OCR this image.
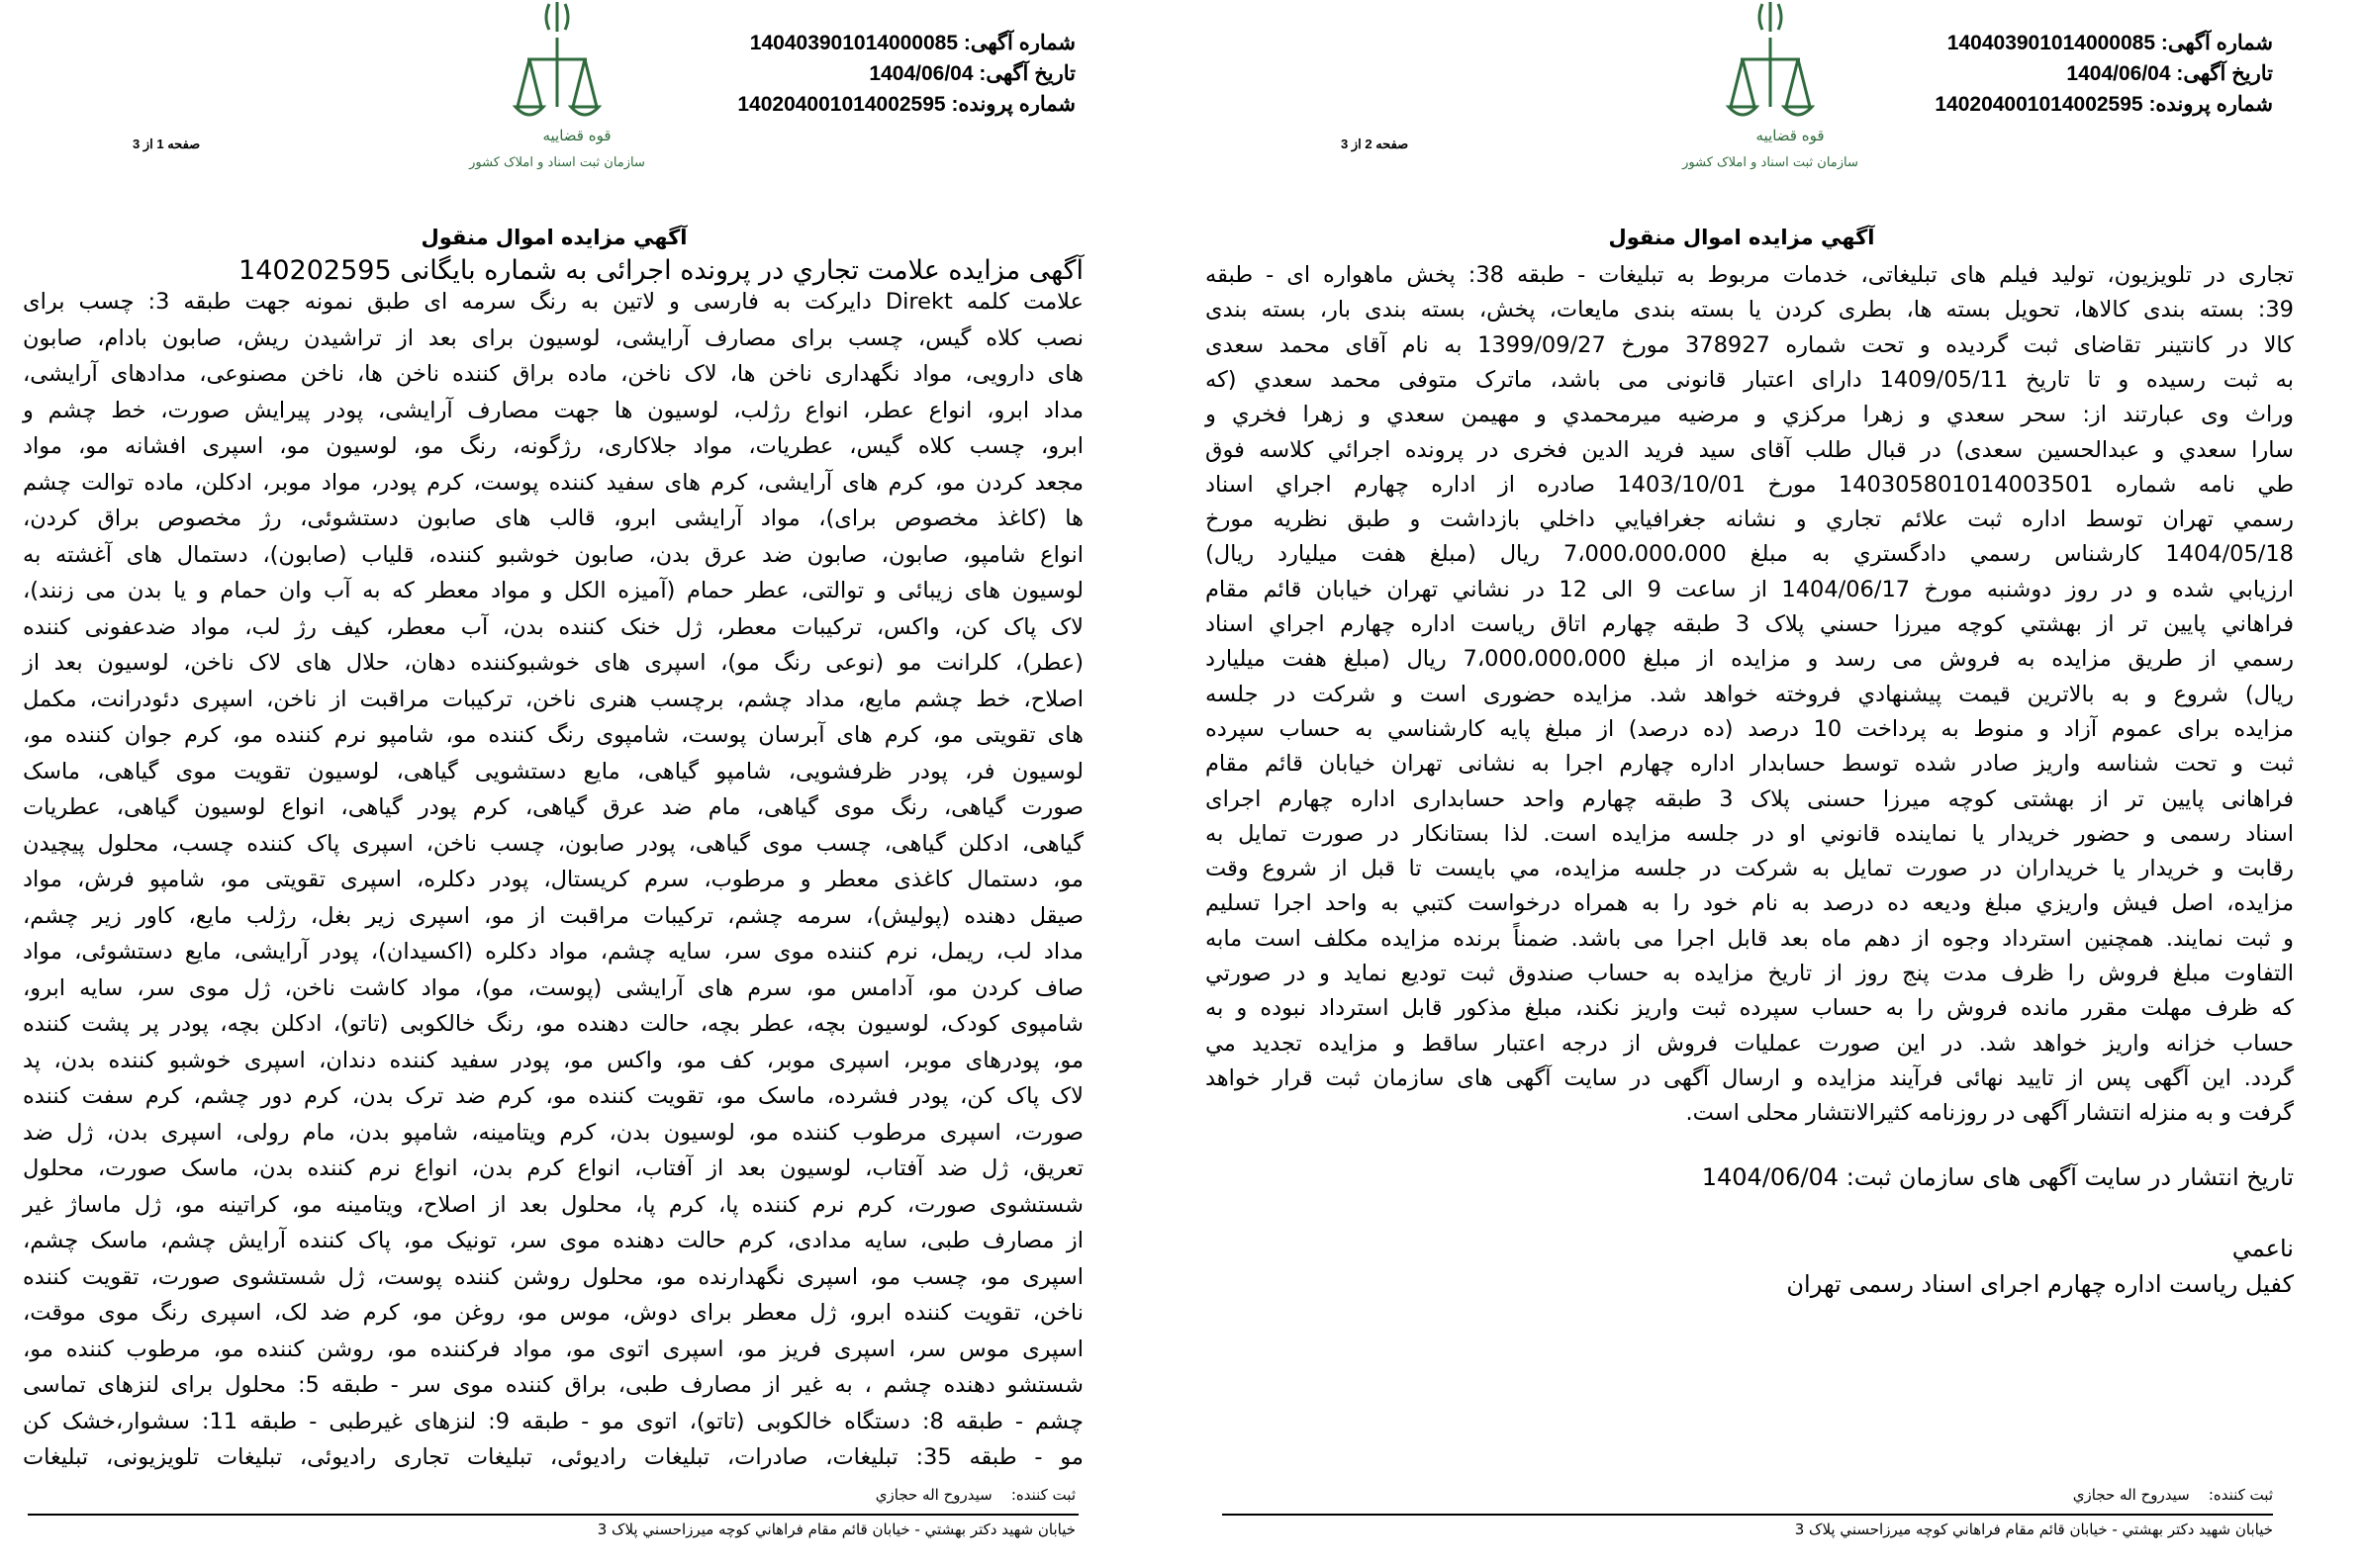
قوه قضاییه
سازمان ثبت اسناد و املاک کشور
شماره آگهی: 140403901014000085
تاریخ آگهی: 1404/06/04
شماره پرونده: 140204001014002595
صفحه 1 از 3
آگهي مزايده اموال منقول
آگهی مزایده علامت تجاري در پرونده اجرائی به شماره بایگانی 140202595
علامت کلمه Direkt دایرکت به فارسی و لاتین به رنگ سرمه ای طبق نمونه جهت طبقه 3: چسب برای
نصب کلاه گیس، چسب برای مصارف آرایشی، لوسیون برای بعد از تراشیدن ریش، صابون بادام، صابون
های دارویی، مواد نگهداری ناخن ها، لاک ناخن، ماده براق کننده ناخن ها، ناخن مصنوعی، مدادهای آرایشی،
مداد ابرو، انواع عطر، انواع رژلب، لوسیون ها جهت مصارف آرایشی، پودر پیرایش صورت، خط چشم و
ابرو، چسب کلاه گیس، عطریات، مواد جلاکاری، رژگونه، رنگ مو، لوسیون مو، اسپری افشانه مو، مواد
مجعد کردن مو، کرم های آرایشی، کرم های سفید کننده پوست، کرم پودر، مواد موبر، ادکلن، ماده توالت چشم
ها (کاغذ مخصوص برای)، مواد آرایشی ابرو، قالب های صابون دستشوئی، رژ مخصوص براق کردن،
انواع شامپو، صابون، صابون ضد عرق بدن، صابون خوشبو کننده، قلیاب (صابون)، دستمال های آغشته به
لوسیون های زیبائی و توالتی، عطر حمام (آمیزه الکل و مواد معطر که به آب وان حمام و یا بدن می زنند)،
لاک پاک کن، واکس، ترکیبات معطر، ژل خنک کننده بدن، آب معطر، کیف رژ لب، مواد ضدعفونی کننده
(عطر)، کلرانت مو (نوعی رنگ مو)، اسپری های خوشبوکننده دهان، حلال های لاک ناخن، لوسیون بعد از
اصلاح، خط چشم مایع، مداد چشم، برچسب هنری ناخن، ترکیبات مراقبت از ناخن، اسپری دئودرانت، مکمل
های تقویتی مو، کرم های آبرسان پوست، شامپوی رنگ کننده مو، شامپو نرم کننده مو، کرم جوان کننده مو،
لوسیون فر، پودر ظرفشویی، شامپو گیاهی، مایع دستشویی گیاهی، لوسیون تقویت موی گیاهی، ماسک
صورت گیاهی، رنگ موی گیاهی، مام ضد عرق گیاهی، کرم پودر گیاهی، انواع لوسیون گیاهی، عطریات
گیاهی، ادکلن گیاهی، چسب موی گیاهی، پودر صابون، چسب ناخن، اسپری پاک کننده چسب، محلول پیچیدن
مو، دستمال کاغذی معطر و مرطوب، سرم کریستال، پودر دکلره، اسپری تقویتی مو، شامپو فرش، مواد
صیقل دهنده (پولیش)، سرمه چشم، ترکیبات مراقبت از مو، اسپری زیر بغل، رژلب مایع، کاور زیر چشم،
مداد لب، ریمل، نرم کننده موی سر، سایه چشم، مواد دکلره (اکسیدان)، پودر آرایشی، مایع دستشوئی، مواد
صاف کردن مو، آدامس مو، سرم های آرایشی (پوست، مو)، مواد کاشت ناخن، ژل موی سر، سایه ابرو،
شامپوی کودک، لوسیون بچه، عطر بچه، حالت دهنده مو، رنگ خالکوبی (تاتو)، ادکلن بچه، پودر پر پشت کننده
مو، پودرهای موبر، اسپری موبر، کف مو، واکس مو، پودر سفید کننده دندان، اسپری خوشبو کننده بدن، پد
لاک پاک کن، پودر فشرده، ماسک مو، تقویت کننده مو، کرم ضد ترک بدن، کرم دور چشم، کرم سفت کننده
صورت، اسپری مرطوب کننده مو، لوسیون بدن، کرم ویتامینه، شامپو بدن، مام رولی، اسپری بدن، ژل ضد
تعریق، ژل ضد آفتاب، لوسیون بعد از آفتاب، انواع کرم بدن، انواع نرم کننده بدن، ماسک صورت، محلول
شستشوی صورت، کرم نرم کننده پا، کرم پا، محلول بعد از اصلاح، ویتامینه مو، کراتینه مو، ژل ماساژ غیر
از مصارف طبی، سایه مدادی، کرم حالت دهنده موی سر، تونیک مو، پاک کننده آرایش چشم، ماسک چشم،
اسپری مو، چسب مو، اسپری نگهدارنده مو، محلول روشن کننده پوست، ژل شستشوی صورت، تقویت کننده
ناخن، تقویت کننده ابرو، ژل معطر برای دوش، موس مو، روغن مو، کرم ضد لک، اسپری رنگ موی موقت،
اسپری موس سر، اسپری فریز مو، اسپری اتوی مو، مواد فرکننده مو، روشن کننده مو، مرطوب کننده مو،
شستشو دهنده چشم ، به غیر از مصارف طبی، براق کننده موی سر - طبقه 5: محلول برای لنزهای تماسی
چشم - طبقه 8: دستگاه خالکوبی (تاتو)، اتوی مو - طبقه 9: لنزهای غیرطبی - طبقه 11: سشوار،خشک کن
مو - طبقه 35: تبلیغات، صادرات، تبلیغات رادیوئی، تبلیغات تجاری رادیوئی، تبلیغات تلویزیونی، تبلیغات
ثبت کننده:    سیدروح اله حجازي
خيابان شهيد دکتر بهشتي - خيابان قائم مقام فراهاني کوچه ميرزاحسني پلاک 3
قوه قضاییه
سازمان ثبت اسناد و املاک کشور
شماره آگهی: 140403901014000085
تاریخ آگهی: 1404/06/04
شماره پرونده: 140204001014002595
صفحه 2 از 3
آگهي مزايده اموال منقول
تجاری در تلویزیون، تولید فیلم های تبلیغاتی، خدمات مربوط به تبلیغات - طبقه 38: پخش ماهواره ای - طبقه
39: بسته بندی کالاها، تحویل بسته ها، بطری کردن یا بسته بندی مایعات، پخش، بسته بندی بار، بسته بندی
کالا در کانتینر تقاضای ثبت گردیده و تحت شماره 378927 مورخ 1399/09/27 به نام آقای محمد سعدی
به ثبت رسیده و تا تاریخ 1409/05/11 دارای اعتبار قانونی می باشد، ماترک متوفی محمد سعدي (که
وراث وی عبارتند از: سحر سعدي و زهرا مرکزي و مرضيه ميرمحمدي و مهيمن سعدي و زهرا فخري و
سارا سعدي و عبدالحسين سعدی) در قبال طلب آقای سید فرید الدین فخری در پرونده اجرائي كلاسه فوق
طي نامه شماره 140305801014003501 مورخ 1403/10/01 صادره از اداره چهارم اجراي اسناد
رسمي تهران توسط اداره ثبت علائم تجاري و نشانه جغرافيايي داخلي بازداشت و طبق نظريه مورخ
1404/05/18 کارشناس رسمي دادگستري به مبلغ 7،000،000،000 ريال (مبلغ هفت ميليارد ريال)
ارزيابي شده و در روز دوشنبه مورخ 1404/06/17 از ساعت 9 الی 12 در نشاني تهران خيابان قائم مقام
فراهاني پايين تر از بهشتي كوچه ميرزا حسني پلاک 3 طبقه چهارم اتاق رياست اداره چهارم اجراي اسناد
رسمي از طريق مزايده به فروش می رسد و مزايده از مبلغ 7،000،000،000 ريال (مبلغ هفت ميليارد
ريال) شروع و به بالاترين قيمت پيشنهادي فروخته خواهد شد. مزايده حضوری است و شرکت در جلسه
مزايده برای عموم آزاد و منوط به پرداخت 10 درصد (ده درصد) از مبلغ پايه كارشناسي به حساب سپرده
ثبت و تحت شناسه واريز صادر شده توسط حسابدار اداره چهارم اجرا به نشانی تهران خیابان قائم مقام
فراهانی پایین تر از بهشتی کوچه میرزا حسنی پلاک 3 طبقه چهارم واحد حسابداری اداره چهارم اجرای
اسناد رسمی و حضور خريدار يا نماينده قانوني او در جلسه مزايده است. لذا بستانکار در صورت تمایل به
رقابت و خريدار يا خريداران در صورت تمايل به شرکت در جلسه مزايده، مي بايست تا قبل از شروع وقت
مزايده، اصل فيش واريزي مبلغ وديعه ده درصد به نام خود را به همراه درخواست کتبي به واحد اجرا تسليم
و ثبت نمايند. همچنین استرداد وجوه از دهم ماه بعد قابل اجرا می باشد. ضمناً برنده مزايده مكلف است مابه
التفاوت مبلغ فروش را ظرف مدت پنج روز از تاريخ مزايده به حساب صندوق ثبت توديع نمايد و در صورتي
كه ظرف مهلت مقرر مانده فروش را به حساب سپرده ثبت واريز نكند، مبلغ مذكور قابل استرداد نبوده و به
حساب خزانه واريز خواهد شد. در اين صورت عمليات فروش از درجه اعتبار ساقط و مزايده تجديد مي
گردد. اين آگهی پس از تاييد نهائی فرآيند مزايده و ارسال آگهی در سایت آگهی های سازمان ثبت قرار خواهد
گرفت و به منزله انتشار آگهی در روزنامه کثیرالانتشار محلی است.
تاریخ انتشار در سایت آگهی های سازمان ثبت: 1404/06/04
ناعمي
کفيل رياست اداره چهارم اجرای اسناد رسمی تهران
ثبت کننده:    سیدروح اله حجازي
خيابان شهيد دکتر بهشتي - خيابان قائم مقام فراهاني کوچه ميرزاحسني پلاک 3
